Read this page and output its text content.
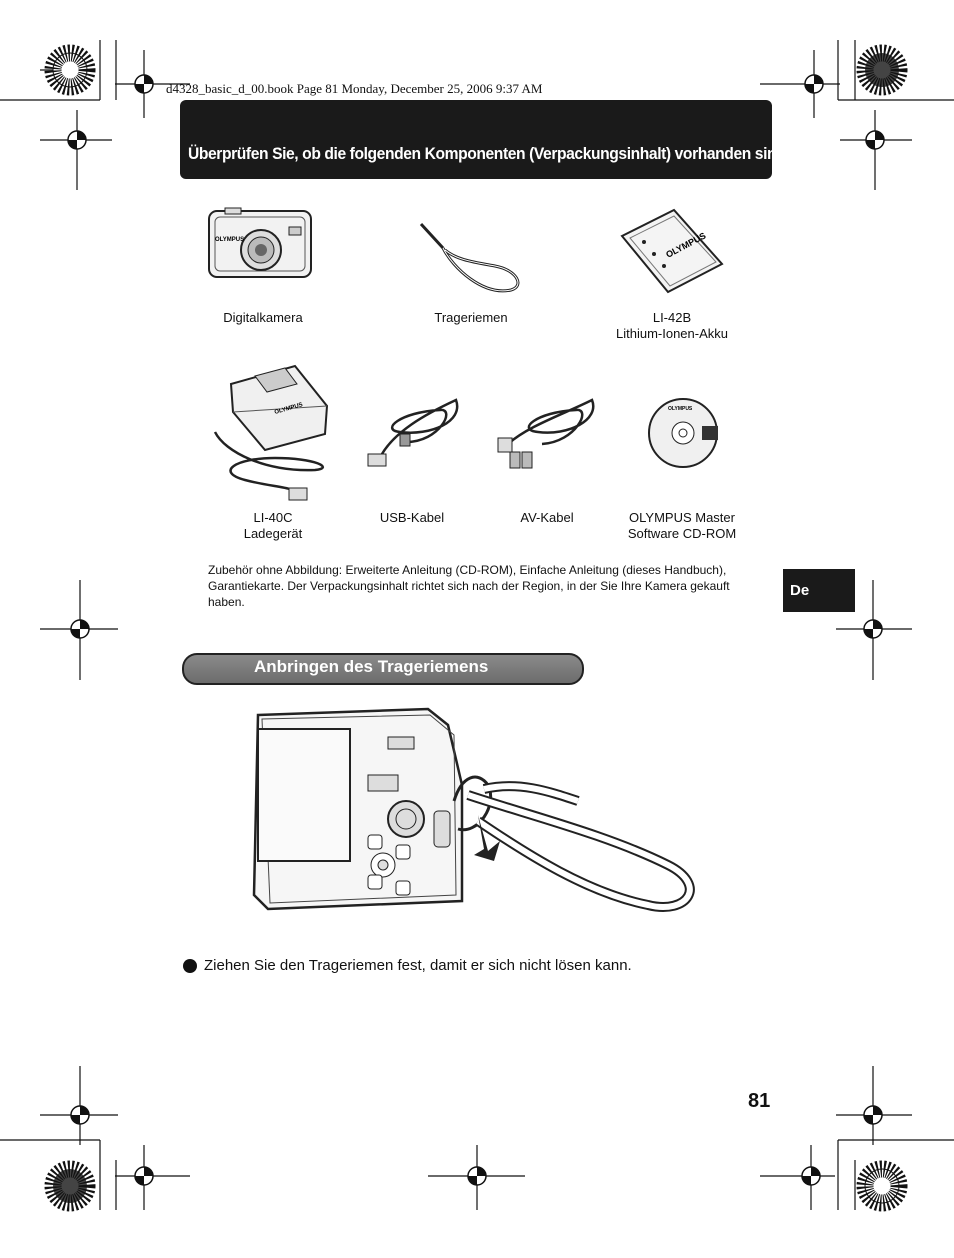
d4328_basic_d_00.book Page 81 Monday, December 25, 2006 9:37 AM
Überprüfen Sie, ob die folgenden Komponenten (Verpackungsinhalt) vorhanden sind
OLYMPUS	OLYMPUS
Digitalkamera	Trageriemen	LI-42B
Lithium-Ionen-Akku
OLYMPUS	OLYMPUS
LI-40C
Ladegerät
USB-Kabel	AV-Kabel	OLYMPUS Master
Software CD-ROM
Zubehör ohne Abbildung: Erweiterte Anleitung (CD-ROM), Einfache Anleitung (dieses Handbuch), Garantiekarte. Der Verpackungsinhalt richtet sich nach der Region, in der Sie Ihre Kamera gekauft haben.
De
Anbringen des Trageriemens
Ziehen Sie den Trageriemen fest, damit er sich nicht lösen kann.
81
